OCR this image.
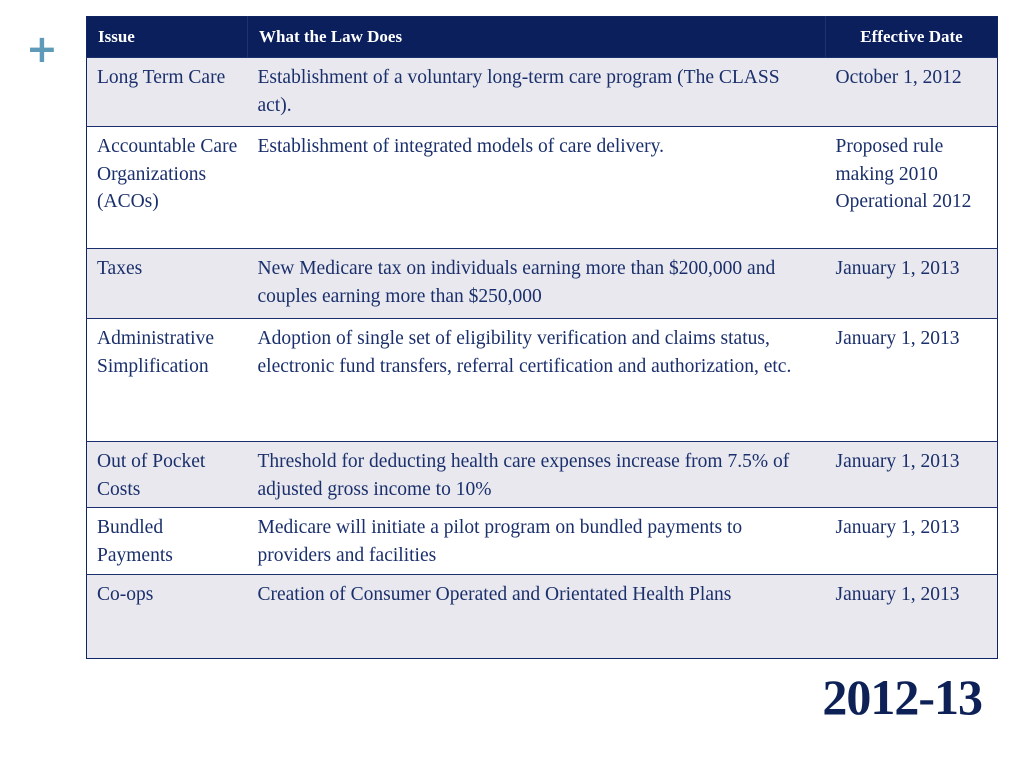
+ Issue	What the Law Does	Effective Date
Long Term Care	Establishment of a voluntary long-term care program (The CLASS act).	October 1, 2012
Accountable Care Organizations (ACOs)	Establishment of integrated models of care delivery.	Proposed rule making 2010 Operational 2012
Taxes	New Medicare tax on individuals earning more than $200,000 and couples earning more than $250,000	January 1, 2013
Administrative Simplification	Adoption of single set of eligibility verification and claims status, electronic fund transfers, referral certification and authorization, etc.	January 1, 2013
Out of Pocket Costs	Threshold for deducting health care expenses increase from 7.5% of adjusted gross income to 10%	January 1, 2013
Bundled Payments	Medicare will initiate a pilot program on bundled payments to providers and facilities	January 1, 2013
Co-ops	Creation of Consumer Operated and Orientated Health Plans	January 1, 2013
2012-13
